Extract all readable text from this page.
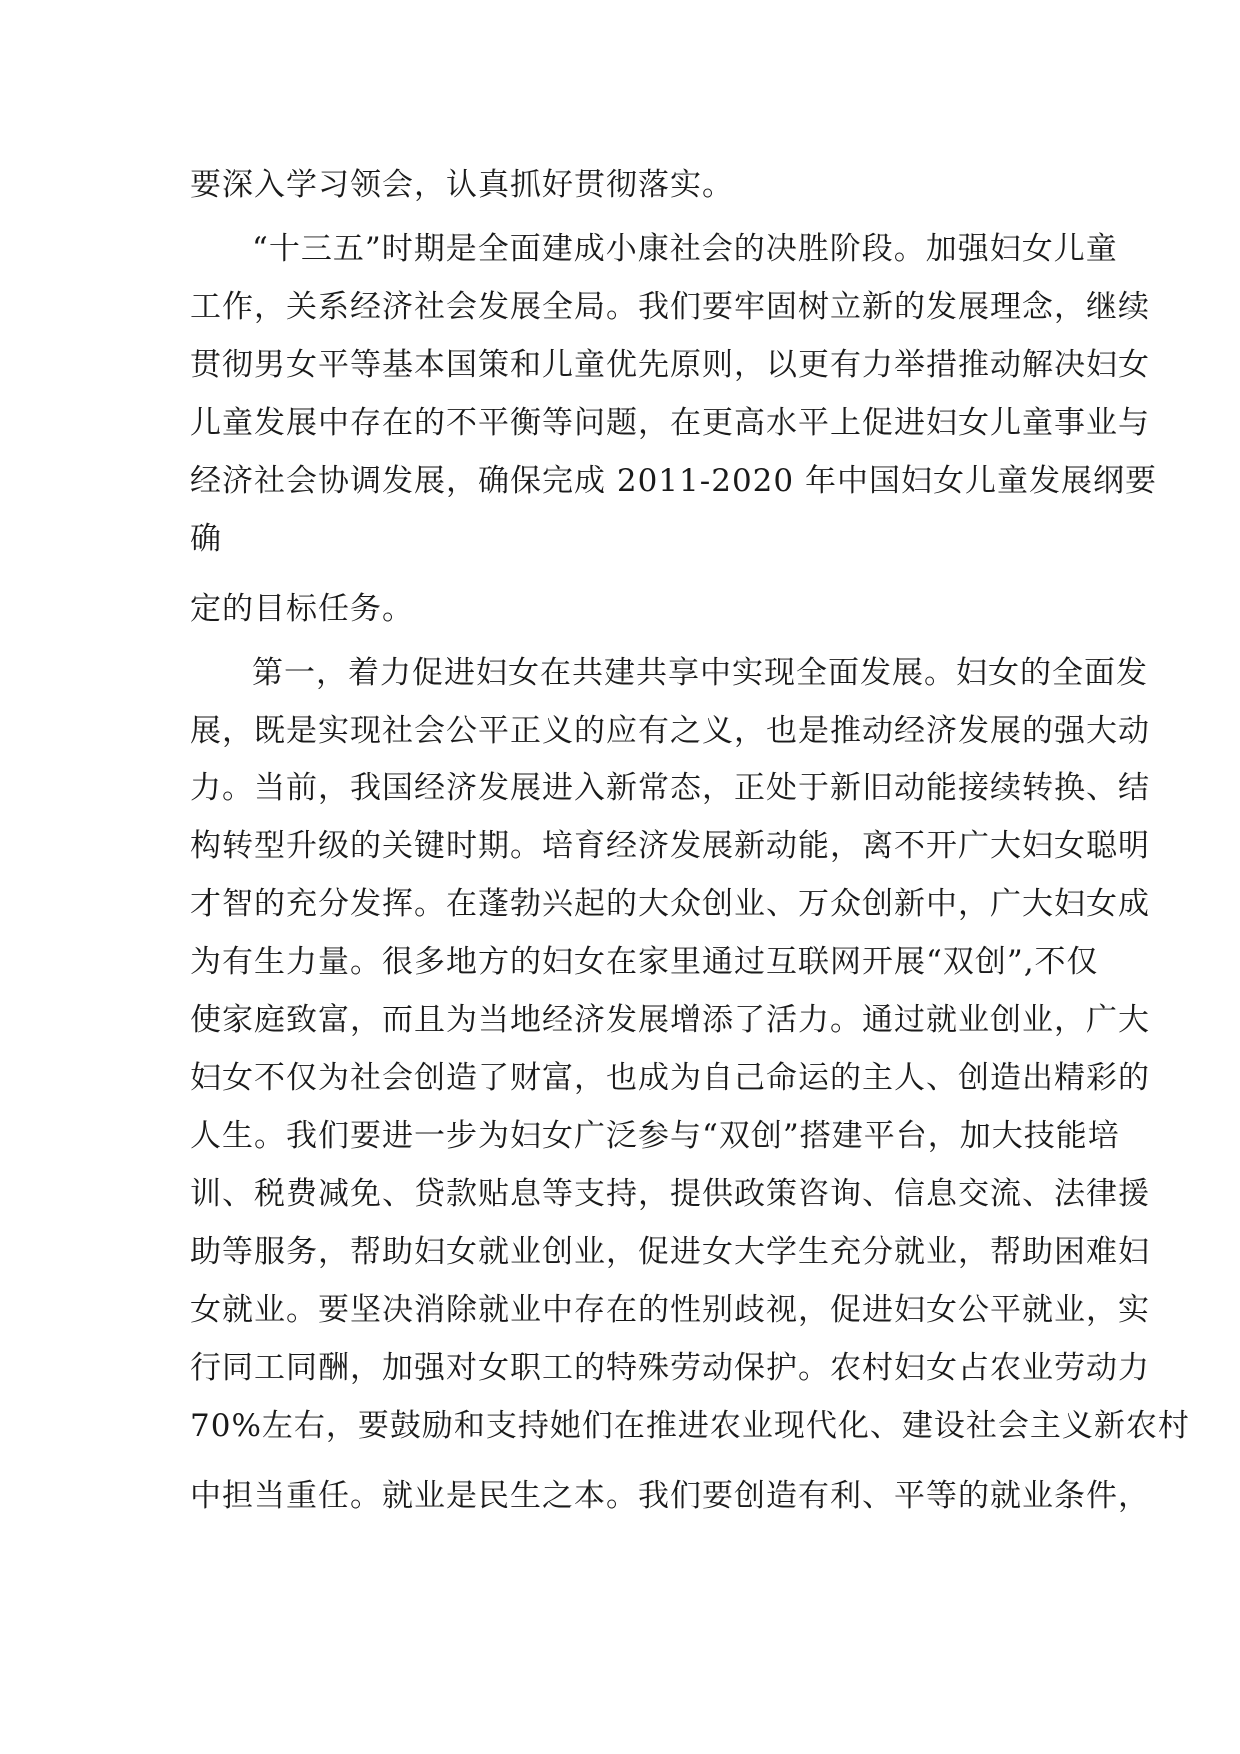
要深入学习领会，认真抓好贯彻落实。

“十三五”时期是全面建成小康社会的决胜阶段。加强妇女儿童

工作，关系经济社会发展全局。我们要牢固树立新的发展理念，继续

贯彻男女平等基本国策和儿童优先原则，以更有力举措推动解决妇女

儿童发展中存在的不平衡等问题，在更高水平上促进妇女儿童事业与

经济社会协调发展，确保完成 2011-2020 年中国妇女儿童发展纲要

确

定的目标任务。

第一，着力促进妇女在共建共享中实现全面发展。妇女的全面发

展，既是实现社会公平正义的应有之义，也是推动经济发展的强大动

力。当前，我国经济发展进入新常态，正处于新旧动能接续转换、结

构转型升级的关键时期。培育经济发展新动能，离不开广大妇女聪明

才智的充分发挥。在蓬勃兴起的大众创业、万众创新中，广大妇女成

为有生力量。很多地方的妇女在家里通过互联网开展“双创”,不仅

使家庭致富，而且为当地经济发展增添了活力。通过就业创业，广大

妇女不仅为社会创造了财富，也成为自己命运的主人、创造出精彩的

人生。我们要进一步为妇女广泛参与“双创”搭建平台，加大技能培

训、税费减免、贷款贴息等支持，提供政策咨询、信息交流、法律援

助等服务，帮助妇女就业创业，促进女大学生充分就业，帮助困难妇

女就业。要坚决消除就业中存在的性别歧视，促进妇女公平就业，实

行同工同酬，加强对女职工的特殊劳动保护。农村妇女占农业劳动力

70%左右，要鼓励和支持她们在推进农业现代化、建设社会主义新农村

中担当重任。就业是民生之本。我们要创造有利、平等的就业条件，
